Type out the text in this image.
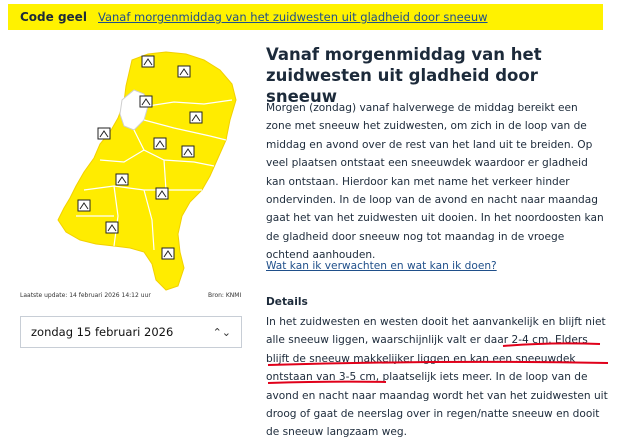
Code geel Vanaf morgenmiddag van het zuidwesten uit gladheid door sneeuw
Laatste update: 14 februari 2026 14:12 uur	Bron: KNMI
zondag 15 februari 2026	⌃⌄
Vanaf morgenmiddag van het zuidwesten uit gladheid door sneeuw

Morgen (zondag) vanaf halverwege de middag bereikt een zone met sneeuw het zuidwesten, om zich in de loop van de middag en avond over de rest van het land uit te breiden. Op veel plaatsen ontstaat een sneeuwdek waardoor er gladheid kan ontstaan. Hierdoor kan met name het verkeer hinder ondervinden. In de loop van de avond en nacht naar maandag gaat het van het zuidwesten uit dooien. In het noordoosten kan de gladheid door sneeuw nog tot maandag in de vroege ochtend aanhouden.

Wat kan ik verwachten en wat kan ik doen?
Details

In het zuidwesten en westen dooit het aanvankelijk en blijft niet alle sneeuw liggen, waarschijnlijk valt er daar 2-4 cm. Elders blijft de sneeuw makkelijker liggen en kan een sneeuwdek ontstaan van 3-5 cm, plaatselijk iets meer. In de loop van de avond en nacht naar maandag wordt het van het zuidwesten uit droog of gaat de neerslag over in regen/natte sneeuw en dooit de sneeuw langzaam weg.
